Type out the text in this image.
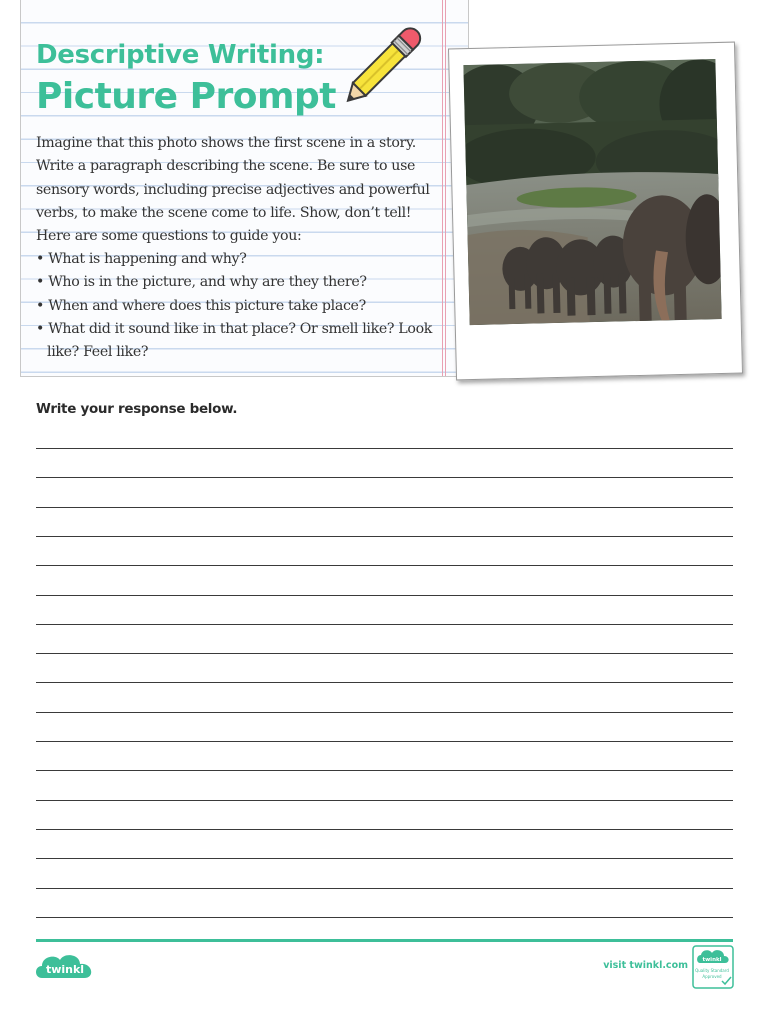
Descriptive Writing:
Picture Prompt

Imagine that this photo shows the first scene in a story. Write a paragraph describing the scene. Be sure to use sensory words, including precise adjectives and powerful verbs, to make the scene come to life. Show, don’t tell! Here are some questions to guide you:

• What is happening and why?
• Who is in the picture, and why are they there?
• When and where does this picture take place?
• What did it sound like in that place? Or smell like? Look like? Feel like?
Write your response below.
twinkl	visit twinkl.com	twinkl
Quality Standard
Approved
